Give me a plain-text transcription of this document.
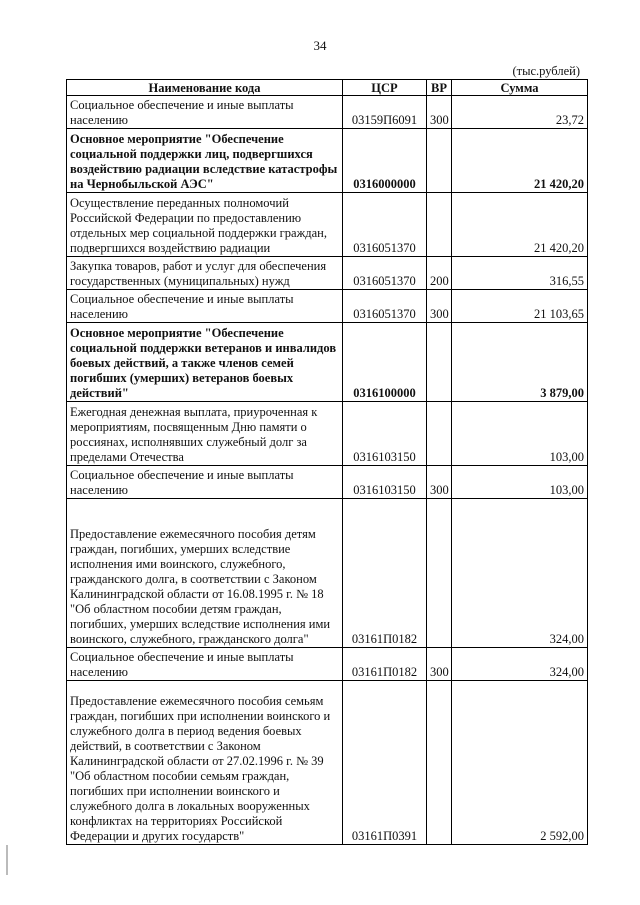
34
(тыс.рублей)
Наименование кода	ЦСР	ВР	Сумма
Социальное обеспечение и иные выплаты населению	03159П6091	300	23,72
Основное мероприятие "Обеспечение социальной поддержки лиц, подвергшихся воздействию радиации вследствие катастрофы на Чернобыльской АЭС"	0316000000		21 420,20
Осуществление переданных полномочий Российской Федерации по предоставлению отдельных мер социальной поддержки граждан, подвергшихся воздействию радиации	0316051370		21 420,20
Закупка товаров, работ и услуг для обеспечения государственных (муниципальных) нужд	0316051370	200	316,55
Социальное обеспечение и иные выплаты населению	0316051370	300	21 103,65
Основное мероприятие "Обеспечение социальной поддержки ветеранов и инвалидов боевых действий, а также членов семей погибших (умерших) ветеранов боевых действий"	0316100000		3 879,00
Ежегодная денежная выплата, приуроченная к мероприятиям, посвященным Дню памяти о россиянах, исполнявших служебный долг за пределами Отечества	0316103150		103,00
Социальное обеспечение и иные выплаты населению	0316103150	300	103,00
Предоставление ежемесячного пособия детям граждан, погибших, умерших вследствие исполнения ими воинского, служебного, гражданского долга, в соответствии с Законом Калининградской области от 16.08.1995 г. № 18 "Об областном пособии детям граждан, погибших, умерших вследствие исполнения ими воинского, служебного, гражданского долга"	03161П0182		324,00
Социальное обеспечение и иные выплаты населению	03161П0182	300	324,00
Предоставление ежемесячного пособия семьям граждан, погибших при исполнении воинского и служебного долга в период ведения боевых действий, в соответствии с Законом Калининградской области от 27.02.1996 г. № 39 "Об областном пособии семьям граждан, погибших при исполнении воинского и служебного долга в локальных вооруженных конфликтах на территориях Российской Федерации и других государств"	03161П0391		2 592,00
